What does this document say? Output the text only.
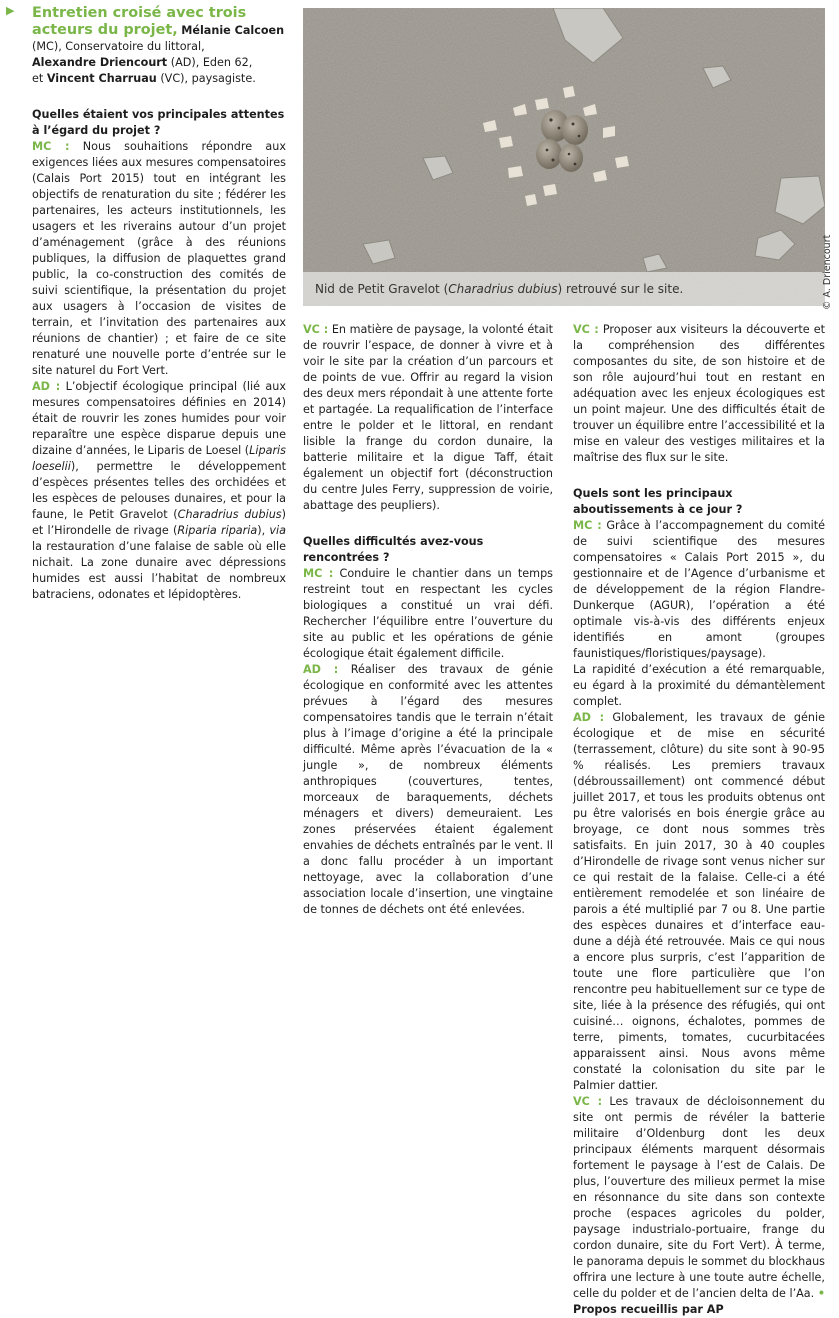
▶
Nid de Petit Gravelot (Charadrius dubius) retrouvé sur le site.	© A. Driencourt

Entretien croisé avec trois acteurs du projet, Mélanie Calcoen (MC), Conservatoire du littoral,
Alexandre Driencourt (AD), Eden 62,
et Vincent Charruau (VC), paysagiste.

Quelles étaient vos principales attentes à l’égard du projet ?

MC : Nous souhaitions répondre aux exigences liées aux mesures compensatoires (Calais Port 2015) tout en intégrant les objectifs de renaturation du site ; fédérer les partenaires, les acteurs institutionnels, les usagers et les riverains autour d’un projet d’aménagement (grâce à des réunions publiques, la diffusion de plaquettes grand public, la co-construction des comités de suivi scientifique, la présentation du projet aux usagers à l’occasion de visites de terrain, et l’invitation des partenaires aux réunions de chantier) ; et faire de ce site renaturé une nouvelle porte d’entrée sur le site naturel du Fort Vert.

AD : L’objectif écologique principal (lié aux mesures compensatoires définies en 2014) était de rouvrir les zones humides pour voir reparaître une espèce disparue depuis une dizaine d’années, le Liparis de Loesel (Liparis loeselii), permettre le développement d’espèces présentes telles des orchidées et les espèces de pelouses dunaires, et pour la faune, le Petit Gravelot (Charadrius dubius) et l’Hirondelle de rivage (Riparia riparia), via la restauration d’une falaise de sable où elle nichait. La zone dunaire avec dépressions humides est aussi l’habitat de nombreux batraciens, odonates et lépidoptères.

VC : En matière de paysage, la volonté était de rouvrir l’espace, de donner à vivre et à voir le site par la création d’un parcours et de points de vue. Offrir au regard la vision des deux mers répondait à une attente forte et partagée. La requalification de l’interface entre le polder et le littoral, en rendant lisible la frange du cordon dunaire, la batterie militaire et la digue Taff, était également un objectif fort (déconstruction du centre Jules Ferry, suppression de voirie, abattage des peupliers).

Quelles difficultés avez-vous rencontrées ?

MC : Conduire le chantier dans un temps restreint tout en respectant les cycles biologiques a constitué un vrai défi. Rechercher l’équilibre entre l’ouverture du site au public et les opérations de génie écologique était également difficile.

AD : Réaliser des travaux de génie écologique en conformité avec les attentes prévues à l’égard des mesures compensatoires tandis que le terrain n’était plus à l’image d’origine a été la principale difficulté. Même après l’évacuation de la « jungle », de nombreux éléments anthropiques (couvertures, tentes, morceaux de baraquements, déchets ménagers et divers) demeuraient. Les zones préservées étaient également envahies de déchets entraînés par le vent. Il a donc fallu procéder à un important nettoyage, avec la collaboration d’une association locale d’insertion, une vingtaine de tonnes de déchets ont été enlevées.

VC : Proposer aux visiteurs la découverte et la compréhension des différentes composantes du site, de son histoire et de son rôle aujourd’hui tout en restant en adéquation avec les enjeux écologiques est un point majeur. Une des difficultés était de trouver un équilibre entre l’accessibilité et la mise en valeur des vestiges militaires et la maîtrise des flux sur le site.

Quels sont les principaux aboutissements à ce jour ?

MC : Grâce à l’accompagnement du comité de suivi scientifique des mesures compensatoires « Calais Port 2015 », du gestionnaire et de l’Agence d’urbanisme et de développement de la région Flandre-Dunkerque (AGUR), l’opération a été optimale vis-à-vis des différents enjeux identifiés en amont (groupes faunistiques/floristiques/paysage).

La rapidité d’exécution a été remarquable, eu égard à la proximité du démantèlement complet.

AD : Globalement, les travaux de génie écologique et de mise en sécurité (terrassement, clôture) du site sont à 90-95 % réalisés. Les premiers travaux (débroussaillement) ont commencé début juillet 2017, et tous les produits obtenus ont pu être valorisés en bois énergie grâce au broyage, ce dont nous sommes très satisfaits. En juin 2017, 30 à 40 couples d’Hirondelle de rivage sont venus nicher sur ce qui restait de la falaise. Celle-ci a été entièrement remodelée et son linéaire de parois a été multiplié par 7 ou 8. Une partie des espèces dunaires et d’interface eau-dune a déjà été retrouvée. Mais ce qui nous a encore plus surpris, c’est l’apparition de toute une flore particulière que l’on rencontre peu habituellement sur ce type de site, liée à la présence des réfugiés, qui ont cuisiné… oignons, échalotes, pommes de terre, piments, tomates, cucurbitacées apparaissent ainsi. Nous avons même constaté la colonisation du site par le Palmier dattier.

VC : Les travaux de décloisonnement du site ont permis de révéler la batterie militaire d’Oldenburg dont les deux principaux éléments marquent désormais fortement le paysage à l’est de Calais. De plus, l’ouverture des milieux permet la mise en résonnance du site dans son contexte proche (espaces agricoles du polder, paysage industrialo-portuaire, frange du cordon dunaire, site du Fort Vert). À terme, le panorama depuis le sommet du blockhaus offrira une lecture à une toute autre échelle, celle du polder et de l’ancien delta de l’Aa. • Propos recueillis par AP
